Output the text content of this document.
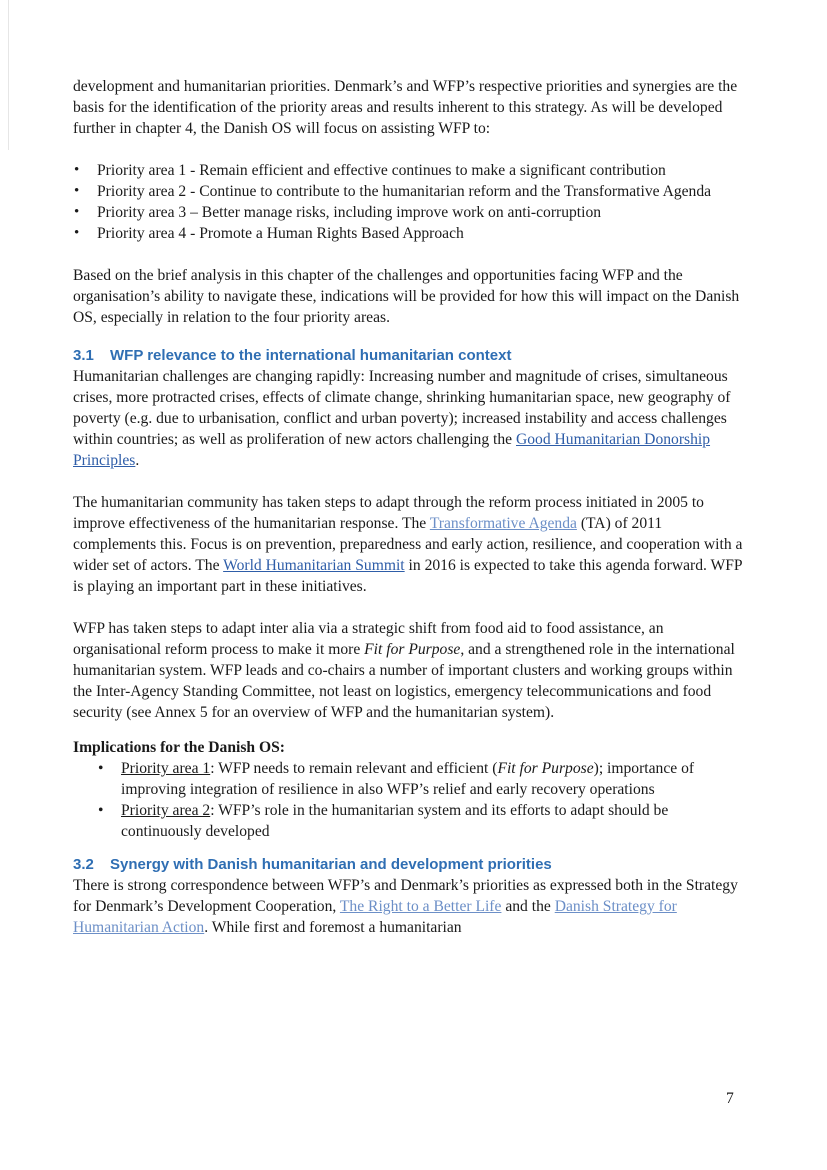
development and humanitarian priorities. Denmark’s and WFP’s respective priorities and synergies are the basis for the identification of the priority areas and results inherent to this strategy. As will be developed further in chapter 4, the Danish OS will focus on assisting WFP to:

• Priority area 1 - Remain efficient and effective continues to make a significant contribution
• Priority area 2 - Continue to contribute to the humanitarian reform and the Transformative Agenda
• Priority area 3 – Better manage risks, including improve work on anti-corruption
• Priority area 4 - Promote a Human Rights Based Approach

Based on the brief analysis in this chapter of the challenges and opportunities facing WFP and the organisation’s ability to navigate these, indications will be provided for how this will impact on the Danish OS, especially in relation to the four priority areas.

3.1 WFP relevance to the international humanitarian context

Humanitarian challenges are changing rapidly: Increasing number and magnitude of crises, simultaneous crises, more protracted crises, effects of climate change, shrinking humanitarian space, new geography of poverty (e.g. due to urbanisation, conflict and urban poverty); increased instability and access challenges within countries; as well as proliferation of new actors challenging the Good Humanitarian Donorship Principles.

The humanitarian community has taken steps to adapt through the reform process initiated in 2005 to improve effectiveness of the humanitarian response. The Transformative Agenda (TA) of 2011 complements this. Focus is on prevention, preparedness and early action, resilience, and cooperation with a wider set of actors. The World Humanitarian Summit in 2016 is expected to take this agenda forward. WFP is playing an important part in these initiatives.

WFP has taken steps to adapt inter alia via a strategic shift from food aid to food assistance, an organisational reform process to make it more Fit for Purpose, and a strengthened role in the international humanitarian system. WFP leads and co-chairs a number of important clusters and working groups within the Inter-Agency Standing Committee, not least on logistics, emergency telecommunications and food security (see Annex 5 for an overview of WFP and the humanitarian system).

Implications for the Danish OS:
• Priority area 1: WFP needs to remain relevant and efficient (Fit for Purpose); importance of improving integration of resilience in also WFP’s relief and early recovery operations
• Priority area 2: WFP’s role in the humanitarian system and its efforts to adapt should be continuously developed
3.2 Synergy with Danish humanitarian and development priorities

There is strong correspondence between WFP’s and Denmark’s priorities as expressed both in the Strategy for Denmark’s Development Cooperation, The Right to a Better Life and the Danish Strategy for Humanitarian Action. While first and foremost a humanitarian

7
